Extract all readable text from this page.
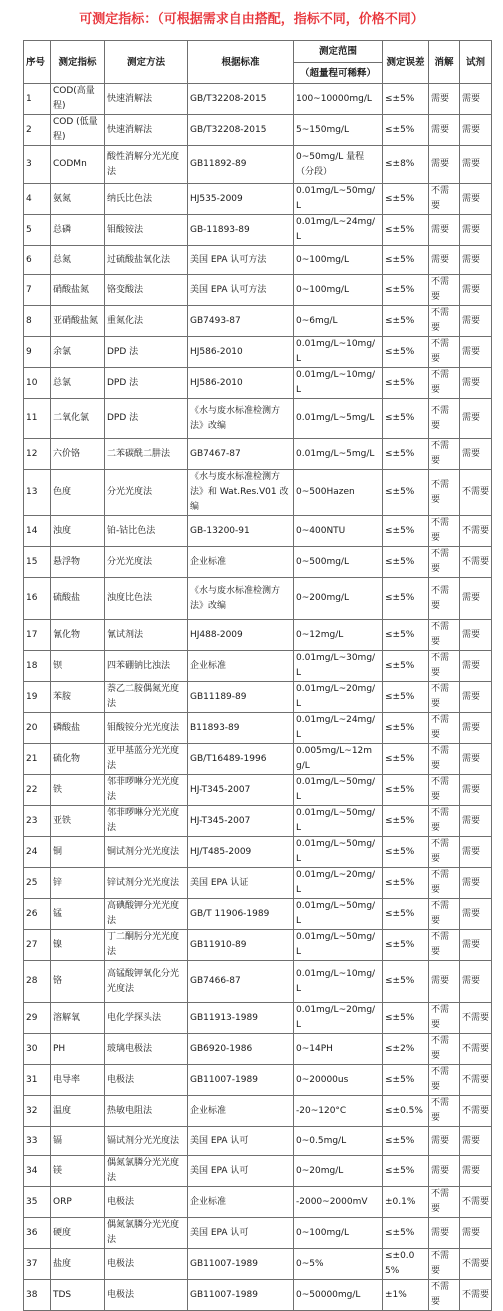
可测定指标：（可根据需求自由搭配，指标不同，价格不同）
序号	测定指标	测定方法	根据标准	测定范围	测定误差	消解	试剂
				（超量程可稀释）			
1	COD(高量程)	快速消解法	GB/T32208-2015	100~10000mg/L	≤±5%	需要	需要
2	COD (低量程)	快速消解法	GB/T32208-2015	5~150mg/L	≤±5%	需要	需要
3	CODMn	酸性消解分光光度法	GB11892-89	0~50mg/L 量程（分段）	≤±8%	需要	需要
4	氨氮	纳氏比色法	HJ535-2009	0.01mg/L~50mg/L	≤±5%	不需要	需要
5	总磷	钼酸铵法	GB-11893-89	0.01mg/L~24mg/L	≤±5%	需要	需要
6	总氮	过硫酸盐氧化法	美国 EPA 认可方法	0~100mg/L	≤±5%	需要	需要
7	硝酸盐氮	铬变酸法	美国 EPA 认可方法	0~100mg/L	≤±5%	不需要	需要
8	亚硝酸盐氮	重氮化法	GB7493-87	0~6mg/L	≤±5%	不需要	需要
9	余氯	DPD 法	HJ586-2010	0.01mg/L~10mg/L	≤±5%	不需要	需要
10	总氯	DPD 法	HJ586-2010	0.01mg/L~10mg/L	≤±5%	不需要	需要
11	二氧化氯	DPD 法	《水与废水标准检测方法》改编	0.01mg/L~5mg/L	≤±5%	不需要	需要
12	六价铬	二苯碳酰二肼法	GB7467-87	0.01mg/L~5mg/L	≤±5%	不需要	需要
13	色度	分光光度法	《水与废水标准检测方法》和 Wat.Res.V01 改编	0~500Hazen	≤±5%	不需要	不需要
14	浊度	铂-钴比色法	GB-13200-91	0~400NTU	≤±5%	不需要	不需要
15	悬浮物	分光光度法	企业标准	0~500mg/L	≤±5%	不需要	不需要
16	硫酸盐	浊度比色法	《水与废水标准检测方法》改编	0~200mg/L	≤±5%	不需要	需要
17	氰化物	氰试剂法	HJ488-2009	0~12mg/L	≤±5%	不需要	需要
18	钡	四苯硼钠比浊法	企业标准	0.01mg/L~30mg/L	≤±5%	不需要	需要
19	苯胺	萘乙二胺偶氮光度法	GB11189-89	0.01mg/L~20mg/L	≤±5%	不需要	需要
20	磷酸盐	钼酸铵分光光度法	B11893-89	0.01mg/L~24mg/L	≤±5%	不需要	需要
21	硫化物	亚甲基蓝分光光度法	GB/T16489-1996	0.005mg/L~12mg/L	≤±5%	不需要	需要
22	铁	邻菲啰啉分光光度法	HJ-T345-2007	0.01mg/L~50mg/L	≤±5%	不需要	需要
23	亚铁	邻菲啰啉分光光度法	HJ-T345-2007	0.01mg/L~50mg/L	≤±5%	不需要	需要
24	铜	铜试剂分光光度法	HJ/T485-2009	0.01mg/L~50mg/L	≤±5%	不需要	需要
25	锌	锌试剂分光光度法	美国 EPA 认证	0.01mg/L~20mg/L	≤±5%	不需要	需要
26	锰	高碘酸钾分光光度法	GB/T 11906-1989	0.01mg/L~50mg/L	≤±5%	不需要	需要
27	镍	丁二酮肟分光光度法	GB11910-89	0.01mg/L~50mg/L	≤±5%	不需要	需要
28	铬	高锰酸钾氧化分光光度法	GB7466-87	0.01mg/L~10mg/L	≤±5%	需要	需要
29	溶解氧	电化学探头法	GB11913-1989	0.01mg/L~20mg/L	≤±5%	不需要	不需要
30	PH	玻璃电极法	GB6920-1986	0~14PH	≤±2%	不需要	不需要
31	电导率	电极法	GB11007-1989	0~20000us	≤±5%	不需要	不需要
32	温度	热敏电阻法	企业标准	-20~120°C	≤±0.5%	不需要	不需要
33	镉	镉试剂分光光度法	美国 EPA 认可	0~0.5mg/L	≤±5%	需要	需要
34	镁	偶氮氯膦分光光度法	美国 EPA 认可	0~20mg/L	≤±5%	需要	需要
35	ORP	电极法	企业标准	-2000~2000mV	±0.1%	不需要	不需要
36	硬度	偶氮氯膦分光光度法	美国 EPA 认可	0~100mg/L	≤±5%	需要	需要
37	盐度	电极法	GB11007-1989	0~5%	≤±0.05%	不需要	不需要
38	TDS	电极法	GB11007-1989	0~50000mg/L	±1%	不需要	不需要
